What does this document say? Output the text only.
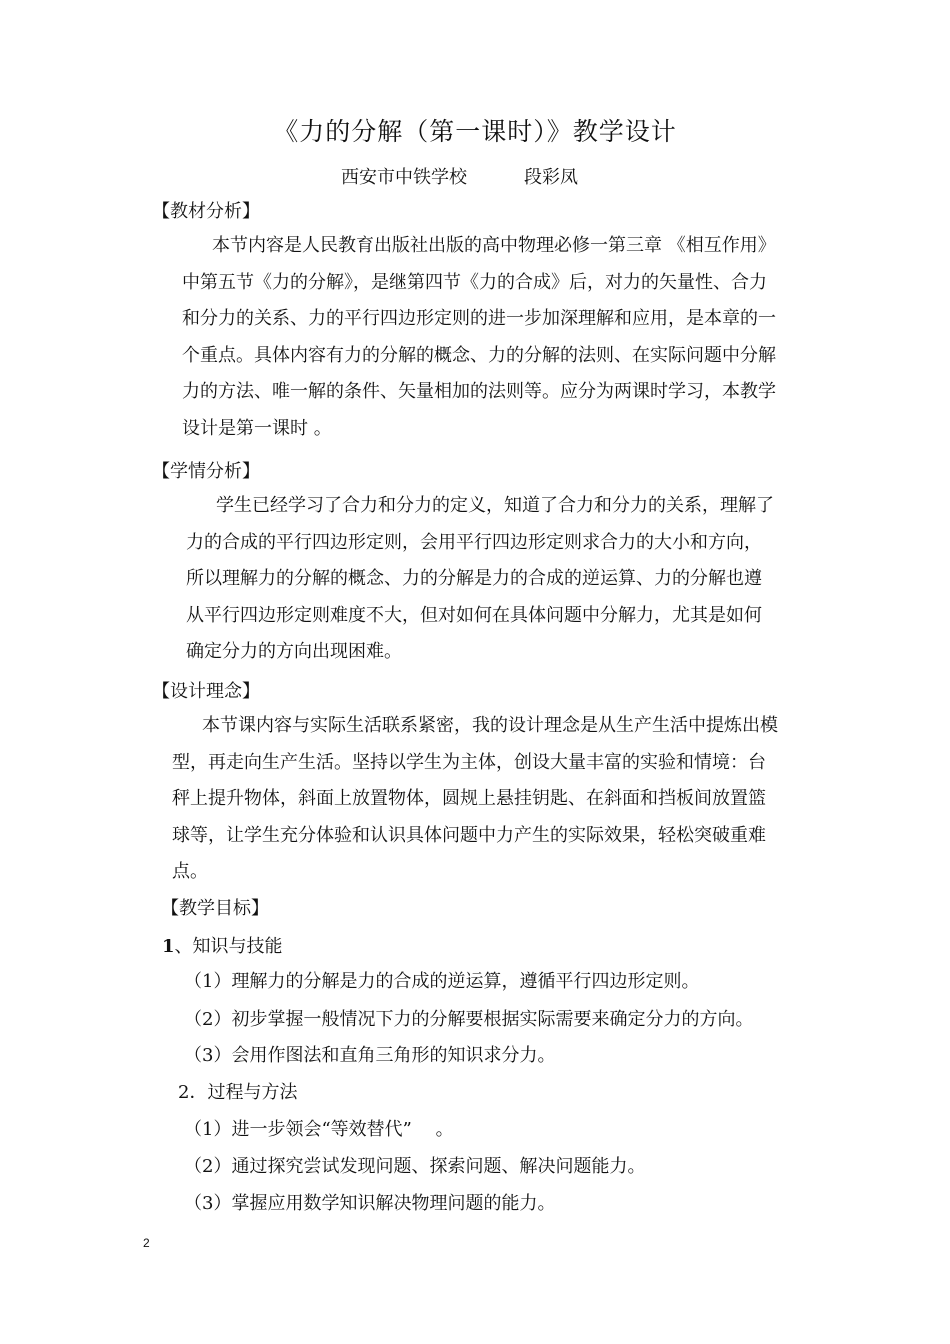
《力的分解（第一课时）》教学设计
西安市中铁学校	段彩凤
【教材分析】
本节内容是人民教育出版社出版的高中物理必修一第三章 《相互作用》
中第五节《力的分解》，是继第四节《力的合成》后，对力的矢量性、合力
和分力的关系、力的平行四边形定则的进一步加深理解和应用，是本章的一
个重点。具体内容有力的分解的概念、力的分解的法则、在实际问题中分解
力的方法、唯一解的条件、矢量相加的法则等。应分为两课时学习，本教学
设计是第一课时 。
【学情分析】
学生已经学习了合力和分力的定义，知道了合力和分力的关系，理解了
力的合成的平行四边形定则，会用平行四边形定则求合力的大小和方向，
所以理解力的分解的概念、力的分解是力的合成的逆运算、力的分解也遵
从平行四边形定则难度不大，但对如何在具体问题中分解力，尤其是如何
确定分力的方向出现困难。
【设计理念】
本节课内容与实际生活联系紧密，我的设计理念是从生产生活中提炼出模
型，再走向生产生活。坚持以学生为主体，创设大量丰富的实验和情境：台
秤上提升物体，斜面上放置物体，圆规上悬挂钥匙、在斜面和挡板间放置篮
球等，让学生充分体验和认识具体问题中力产生的实际效果，轻松突破重难
点。
【教学目标】
1、知识与技能
（1）理解力的分解是力的合成的逆运算，遵循平行四边形定则。
（2）初步掌握一般情况下力的分解要根据实际需要来确定分力的方向。
（3）会用作图法和直角三角形的知识求分力。
2．过程与方法
（1）进一步领会“等效替代”　 。
（2）通过探究尝试发现问题、探索问题、解决问题能力。
（3）掌握应用数学知识解决物理问题的能力。
2
